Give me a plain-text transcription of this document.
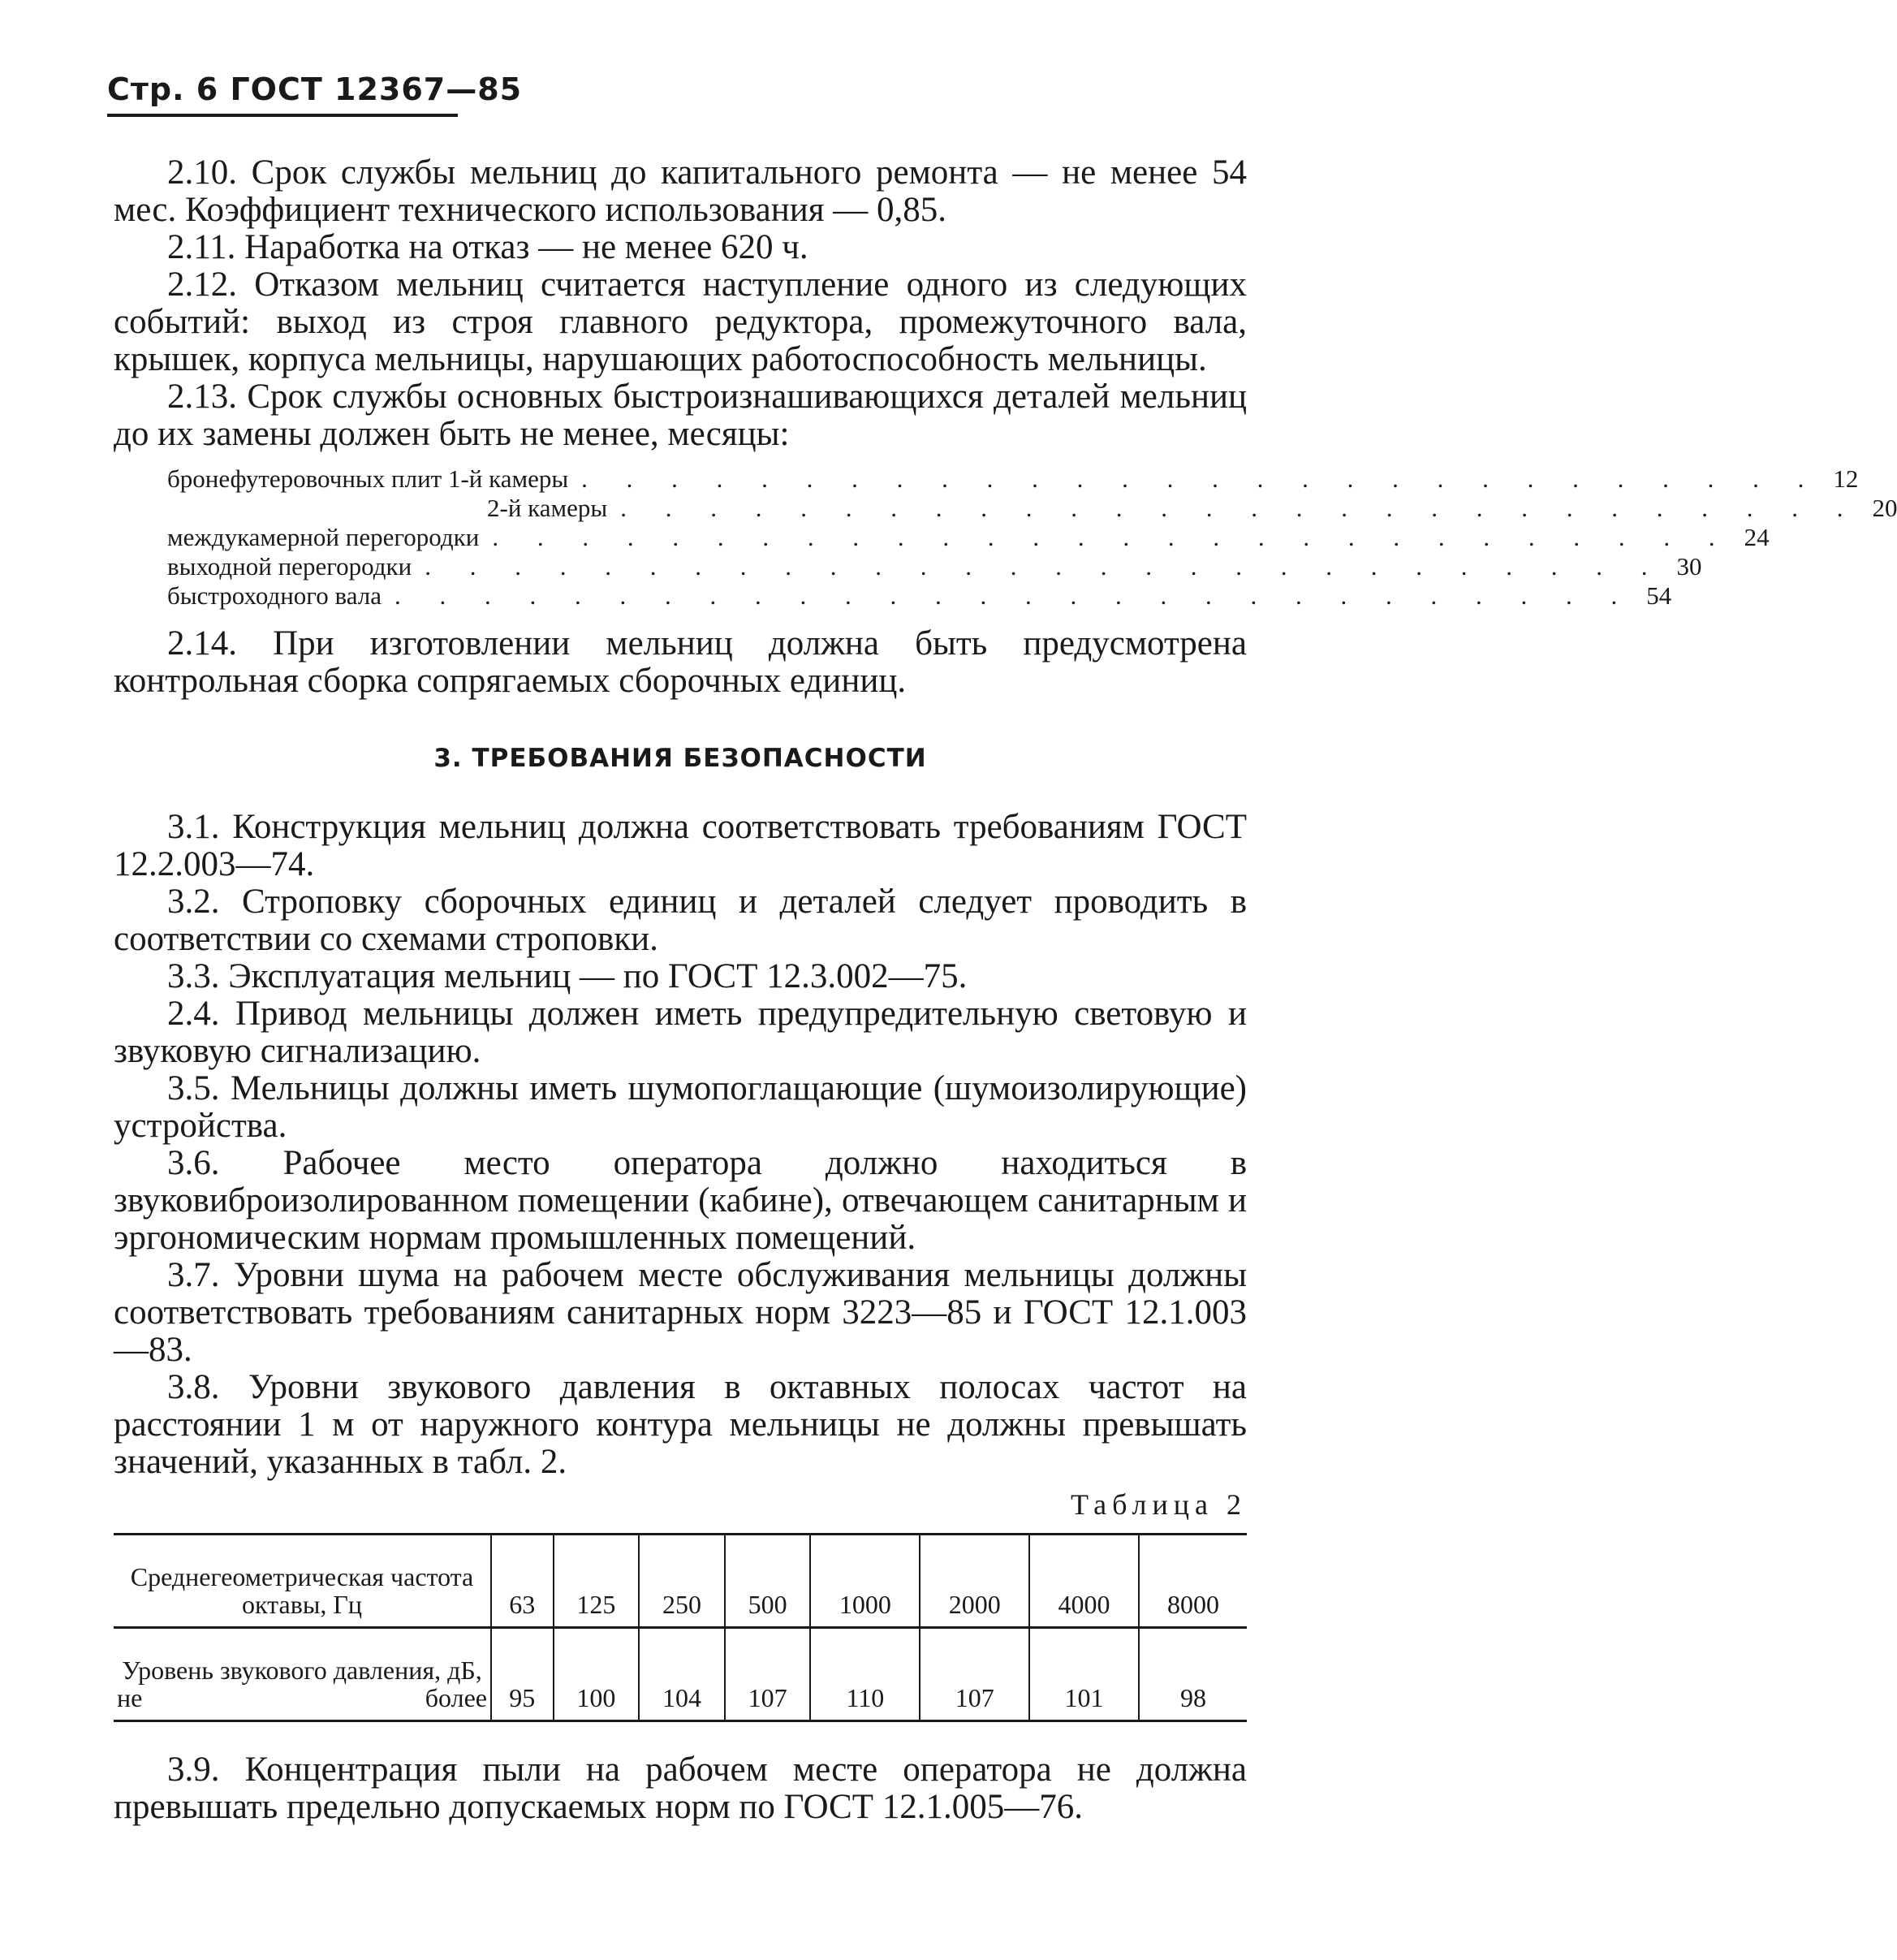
Стр. 6 ГОСТ 12367—85

2.10. Срок службы мельниц до капитального ремонта — не менее 54 мес. Коэффициент технического использования — 0,85.

2.11. Наработка на отказ — не менее 620 ч.

2.12. Отказом мельниц считается наступление одного из следующих событий: выход из строя главного редуктора, промежуточного вала, крышек, корпуса мельницы, нарушающих работоспособность мельницы.

2.13. Срок службы основных быстроизнашивающихся деталей мельниц до их замены должен быть не менее, месяцы:

бронефутеровочных плит 1-й камеры . . . . . . . . . . . . . . . . . . . . . . . . . . . . 12
2-й камеры . . . . . . . . . . . . . . . . . . . . . . . . . . . . 20
междукамерной перегородки . . . . . . . . . . . . . . . . . . . . . . . . . . . . 24
выходной перегородки . . . . . . . . . . . . . . . . . . . . . . . . . . . . 30
быстроходного вала . . . . . . . . . . . . . . . . . . . . . . . . . . . . 54

2.14. При изготовлении мельниц должна быть предусмотрена контрольная сборка сопрягаемых сборочных единиц.

3. ТРЕБОВАНИЯ БЕЗОПАСНОСТИ

3.1. Конструкция мельниц должна соответствовать требованиям ГОСТ 12.2.003—74.

3.2. Строповку сборочных единиц и деталей следует проводить в соответствии со схемами строповки.

3.3. Эксплуатация мельниц — по ГОСТ 12.3.002—75.

2.4. Привод мельницы должен иметь предупредительную световую и звуковую сигнализацию.

3.5. Мельницы должны иметь шумопоглащающие (шумоизолирующие) устройства.

3.6. Рабочее место оператора должно находиться в звуковиброизолированном помещении (кабине), отвечающем санитарным и эргономическим нормам промышленных помещений.

3.7. Уровни шума на рабочем месте обслуживания мельницы должны соответствовать требованиям санитарных норм 3223—85 и ГОСТ 12.1.003—83.

3.8. Уровни звукового давления в октавных полосах частот на расстоянии 1 м от наружного контура мельницы не должны превышать значений, указанных в табл. 2.

Таблица 2
Среднегеометрическая частота октавы, Гц	63	125	250	500	1000	2000	4000	8000
Уровень звукового давления, дБ, не более	95	100	104	107	110	107	101	98

3.9. Концентрация пыли на рабочем месте оператора не должна превышать предельно допускаемых норм по ГОСТ 12.1.005—76.
